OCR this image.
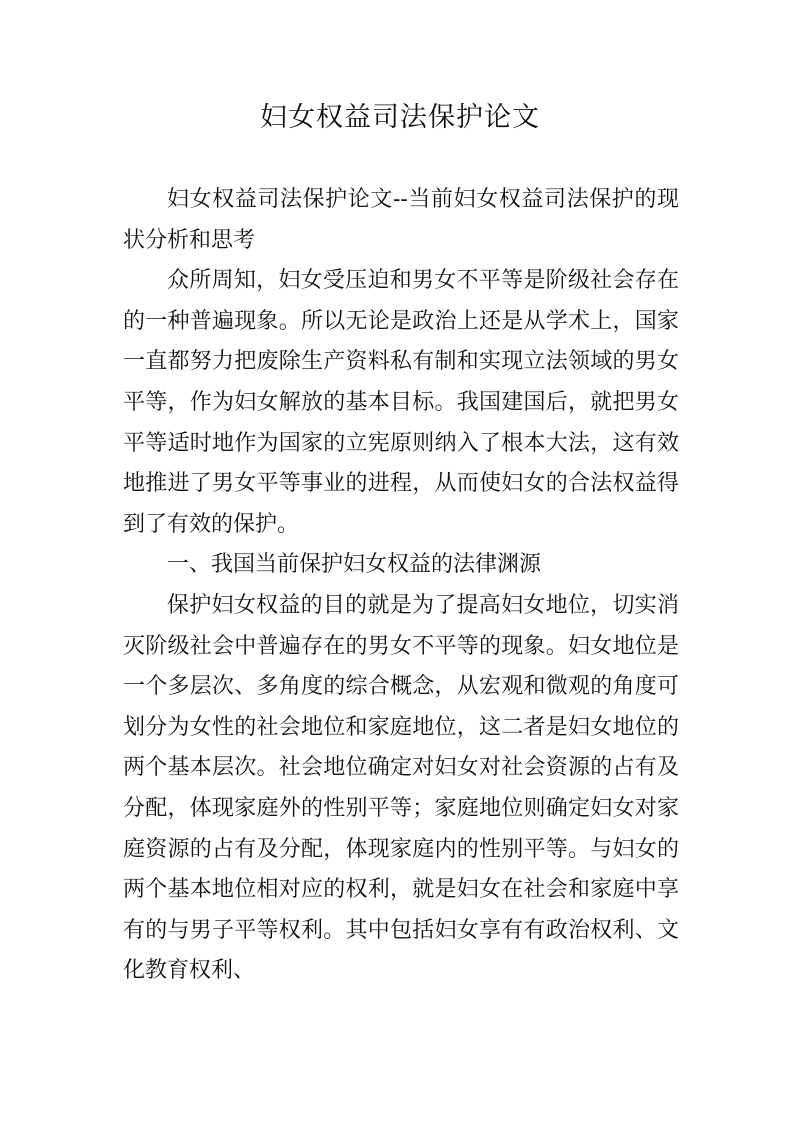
妇女权益司法保护论文

妇女权益司法保护论文--当前妇女权益司法保护的现状分析和思考

众所周知，妇女受压迫和男女不平等是阶级社会存在的一种普遍现象。所以无论是政治上还是从学术上，国家一直都努力把废除生产资料私有制和实现立法领域的男女平等，作为妇女解放的基本目标。我国建国后，就把男女平等适时地作为国家的立宪原则纳入了根本大法，这有效地推进了男女平等事业的进程，从而使妇女的合法权益得到了有效的保护。

一、我国当前保护妇女权益的法律渊源

保护妇女权益的目的就是为了提高妇女地位，切实消灭阶级社会中普遍存在的男女不平等的现象。妇女地位是一个多层次、多角度的综合概念，从宏观和微观的角度可划分为女性的社会地位和家庭地位，这二者是妇女地位的两个基本层次。社会地位确定对妇女对社会资源的占有及分配，体现家庭外的性别平等；家庭地位则确定妇女对家庭资源的占有及分配，体现家庭内的性别平等。与妇女的两个基本地位相对应的权利，就是妇女在社会和家庭中享有的与男子平等权利。其中包括妇女享有有政治权利、文化教育权利、
